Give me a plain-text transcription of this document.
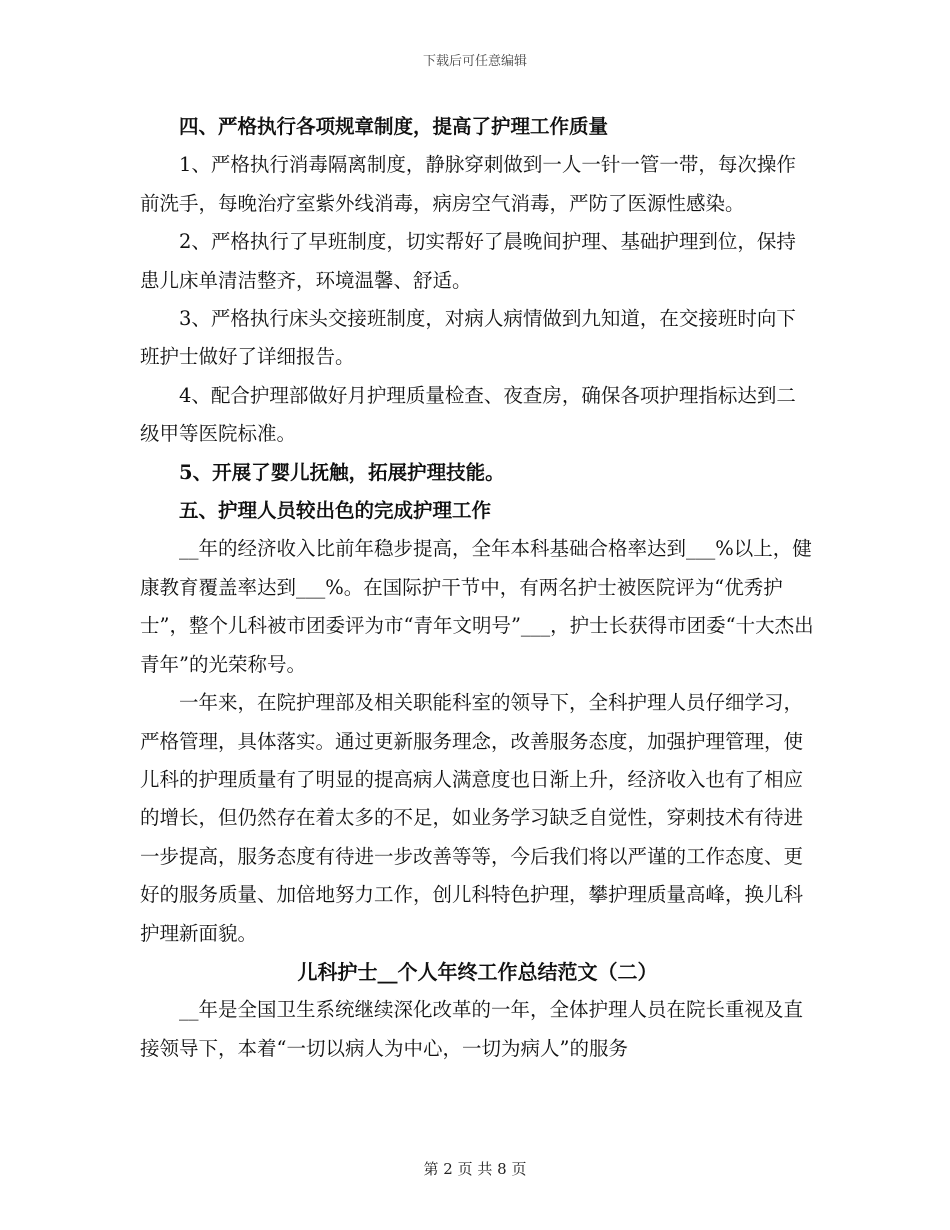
下载后可任意编辑

四、严格执行各项规章制度，提高了护理工作质量

1、严格执行消毒隔离制度，静脉穿刺做到一人一针一管一带，每次操作前洗手，每晚治疗室紫外线消毒，病房空气消毒，严防了医源性感染。

2、严格执行了早班制度，切实帮好了晨晚间护理、基础护理到位，保持患儿床单清洁整齐，环境温馨、舒适。

3、严格执行床头交接班制度，对病人病情做到九知道，在交接班时向下班护士做好了详细报告。

4、配合护理部做好月护理质量检查、夜查房，确保各项护理指标达到二级甲等医院标准。

5、开展了婴儿抚触，拓展护理技能。

五、护理人员较出色的完成护理工作

__年的经济收入比前年稳步提高，全年本科基础合格率达到___%以上，健康教育覆盖率达到___%。在国际护干节中，有两名护士被医院评为“优秀护士”，整个儿科被市团委评为市“青年文明号”___，护士长获得市团委“十大杰出青年”的光荣称号。

一年来，在院护理部及相关职能科室的领导下，全科护理人员仔细学习，严格管理，具体落实。通过更新服务理念，改善服务态度，加强护理管理，使儿科的护理质量有了明显的提高病人满意度也日渐上升，经济收入也有了相应的增长，但仍然存在着太多的不足，如业务学习缺乏自觉性，穿刺技术有待进一步提高，服务态度有待进一步改善等等，今后我们将以严谨的工作态度、更好的服务质量、加倍地努力工作，创儿科特色护理，攀护理质量高峰，换儿科护理新面貌。

儿科护士__个人年终工作总结范文（二）

__年是全国卫生系统继续深化改革的一年，全体护理人员在院长重视及直接领导下，本着“一切以病人为中心，一切为病人”的服务

第 2 页 共 8 页
